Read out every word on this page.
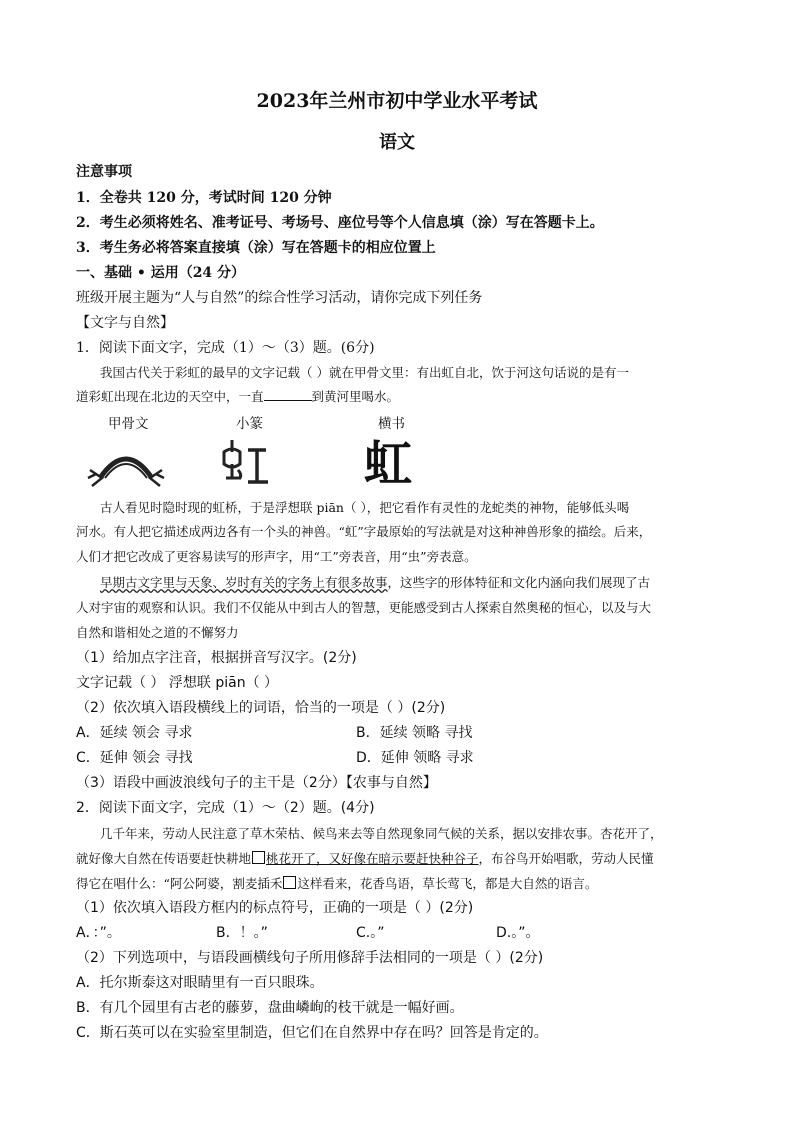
2023年兰州市初中学业水平考试
语文
注意事项
1．全卷共 120 分，考试时间 120 分钟
2．考生必须将姓名、准考证号、考场号、座位号等个人信息填（涂）写在答题卡上。
3．考生务必将答案直接填（涂）写在答题卡的相应位置上
一、基础 • 运用（24 分）
班级开展主题为“人与自然”的综合性学习活动，请你完成下列任务
【文字与自然】
1．阅读下面文字，完成（1）～（3）题。(6分)
我国古代关于彩虹的最早的文字记载（ ）就在甲骨文里：有出虹自北，饮于河这句话说的是有一
道彩虹出现在北边的天空中，一直	到黄河里喝水。
甲骨文	小篆	横书
虹
古人看见时隐时现的虹桥，于是浮想联 piān（ ），把它看作有灵性的龙蛇类的神物，能够低头喝
河水。有人把它描述成两边各有一个头的神兽。“虹”字最原始的写法就是对这种神兽形象的描绘。后来，
人们才把它改成了更容易读写的形声字，用“工”旁表音，用“虫”旁表意。
早期古文字里与天象、岁时有关的字务上有很多故事，这些字的形体特征和文化内涵向我们展现了古
人对宇宙的观察和认识。我们不仅能从中到古人的智慧，更能感受到古人探索自然奥秘的恒心，以及与大
自然和谐相处之道的不懈努力
（1）给加点字注音，根据拼音写汉字。(2分)
文字记载（ ） 浮想联 piān（ ）
（2）依次填入语段横线上的词语，恰当的一项是（ ）(2分)
A．延续 领会 寻求	B．延续 领略 寻找
C．延伸 领会 寻找	D．延伸 领略 寻求
（3）语段中画波浪线句子的主干是（2分）【农事与自然】
2．阅读下面文字，完成（1）～（2）题。(4分)
几千年来，劳动人民注意了草木荣枯、候鸟来去等自然现象同气候的关系，据以安排农事。杏花开了，
就好像大自然在传语要赶快耕地 桃花开了，又好像在暗示要赶快种谷子，布谷鸟开始唱歌，劳动人民懂
得它在唱什么：“阿公阿婆，割麦插禾 这样看来，花香鸟语，草长莺飞，都是大自然的语言。
（1）依次填入语段方框内的标点符号，正确的一项是（ ）(2分)
A．：”。	B．！。”	C.。”	D.。”。
（2）下列选项中，与语段画横线句子所用修辞手法相同的一项是（ ）(2分)
A．托尔斯泰这对眼睛里有一百只眼珠。
B．有几个园里有古老的藤萝，盘曲嶙峋的枝干就是一幅好画。
C．斯石英可以在实验室里制造，但它们在自然界中存在吗？回答是肯定的。
